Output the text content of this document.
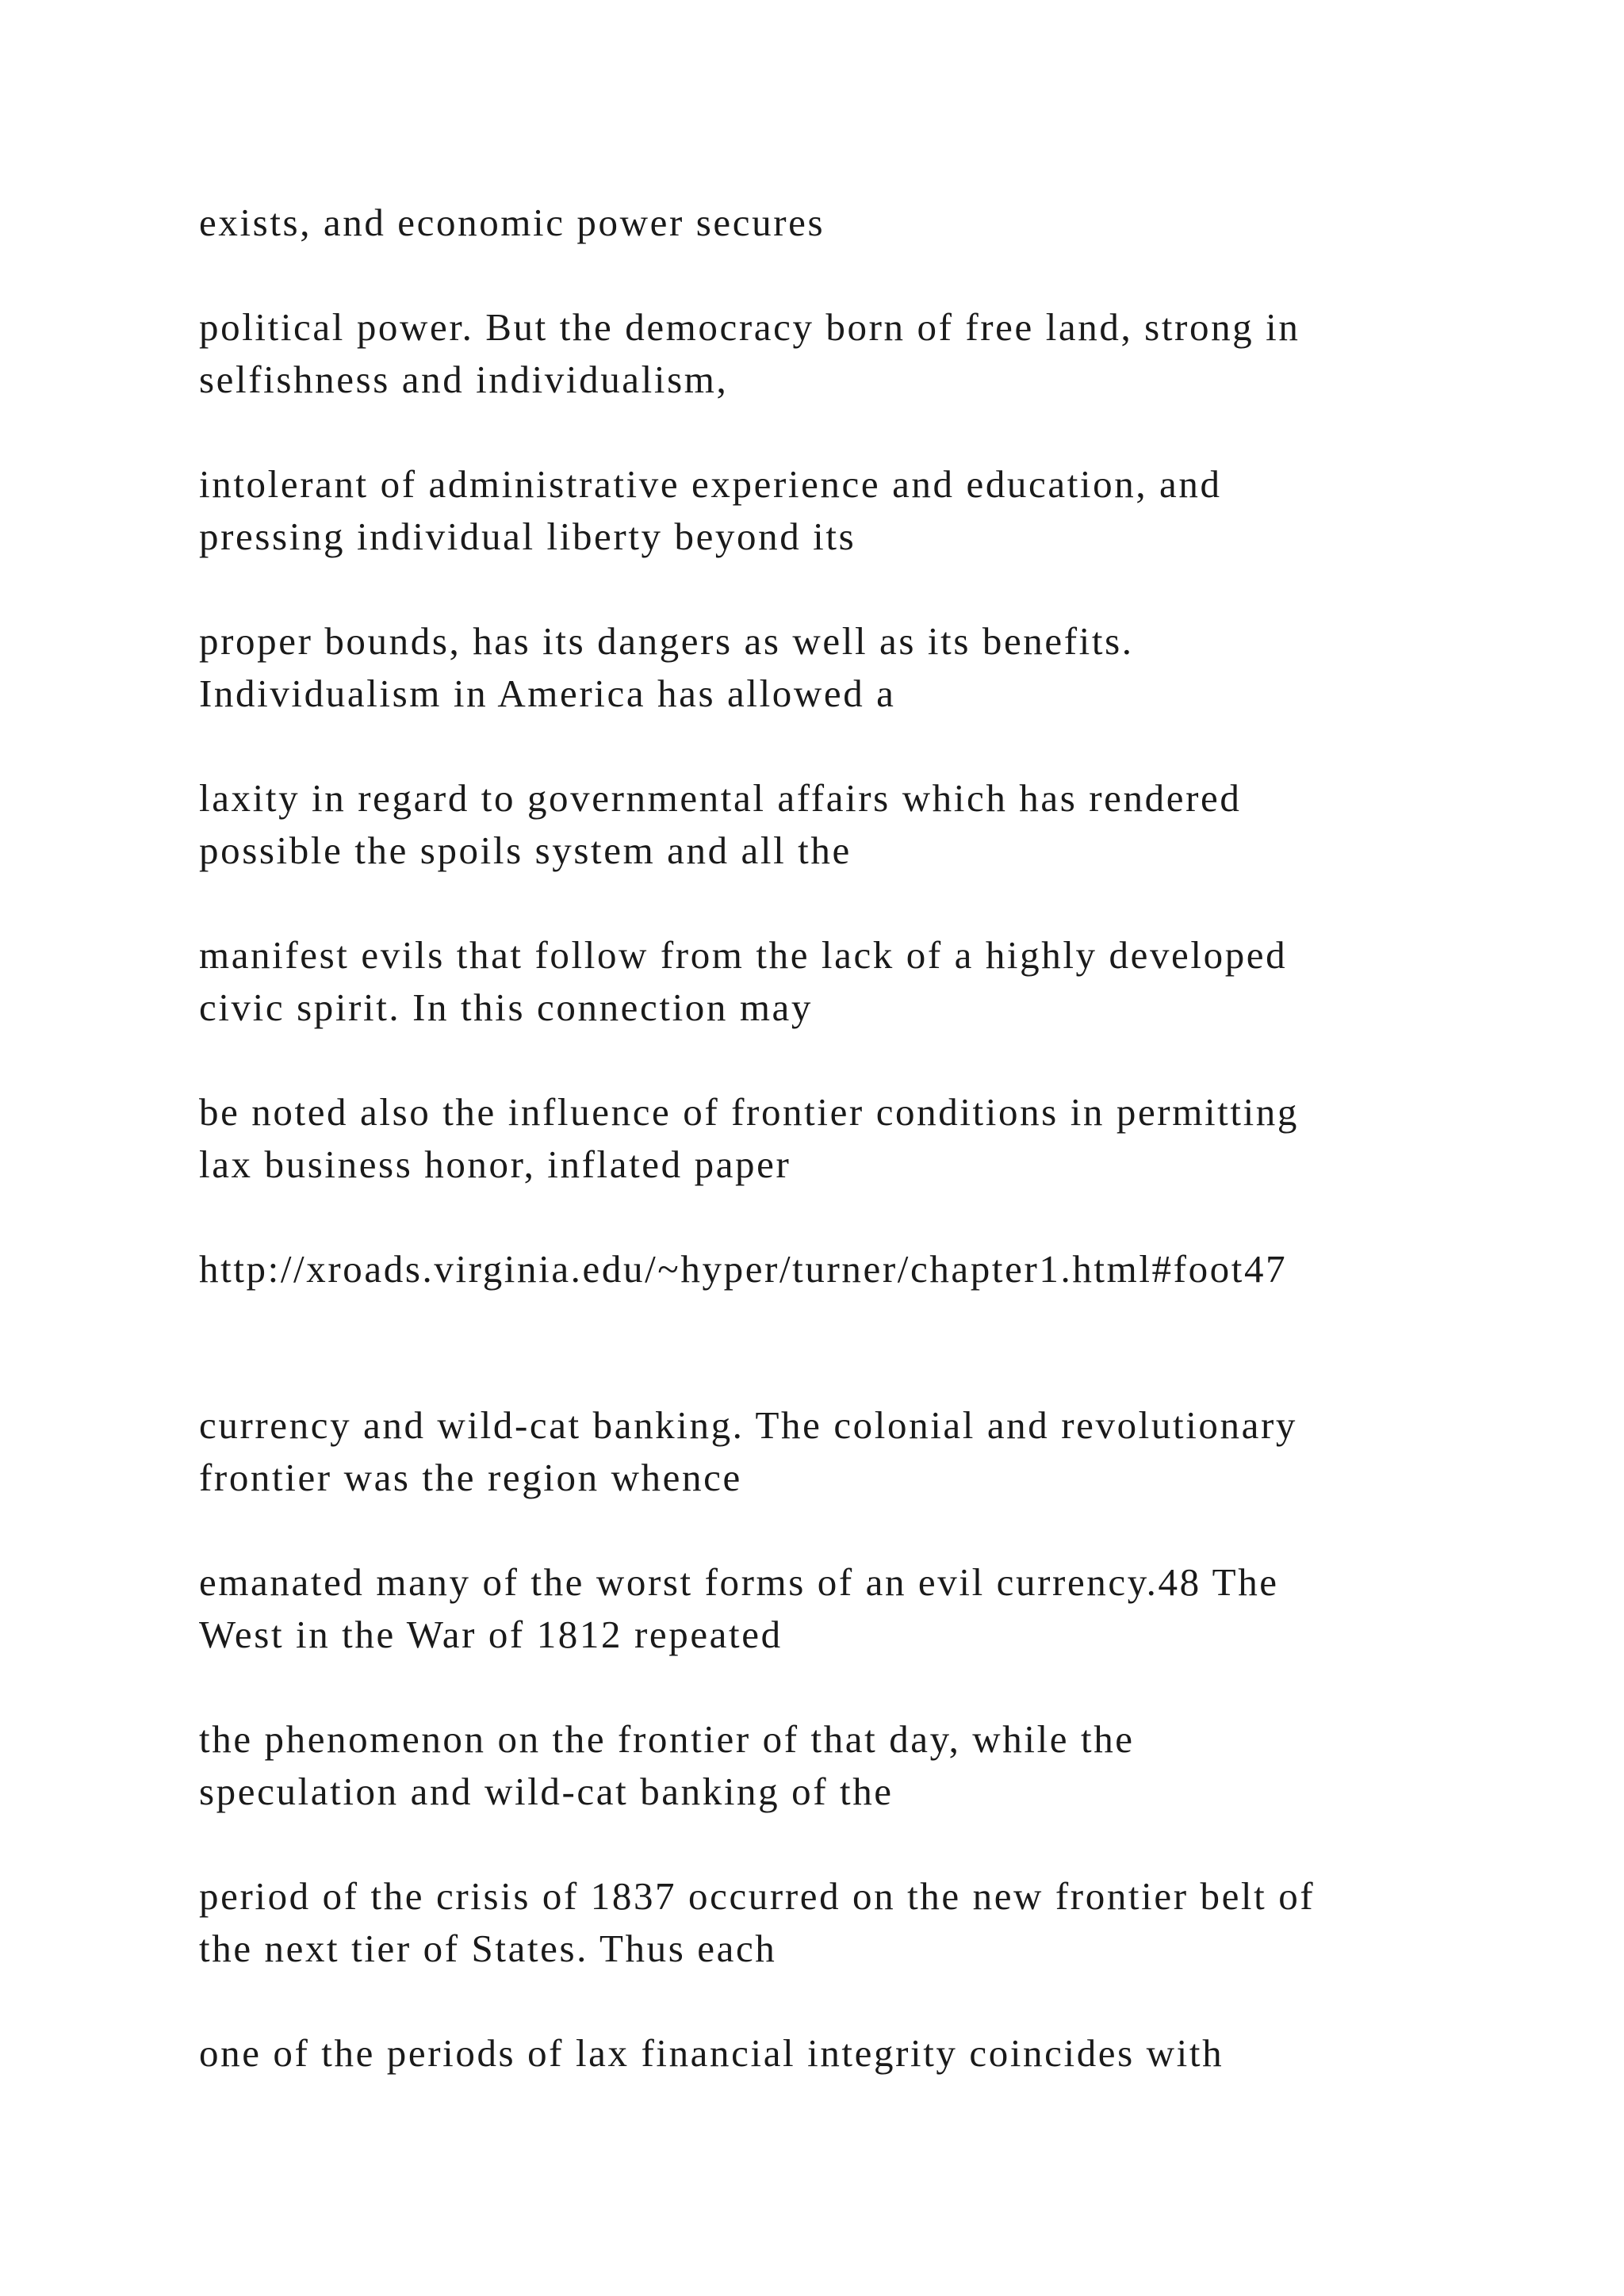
exists, and economic power secures

political power. But the democracy born of free land, strong in

selfishness and individualism,

intolerant of administrative experience and education, and

pressing individual liberty beyond its

proper bounds, has its dangers as well as its benefits.

Individualism in America has allowed a

laxity in regard to governmental affairs which has rendered

possible the spoils system and all the

manifest evils that follow from the lack of a highly developed

civic spirit. In this connection may

be noted also the influence of frontier conditions in permitting

lax business honor, inflated paper

http://xroads.virginia.edu/~hyper/turner/chapter1.html#foot47

currency and wild-cat banking. The colonial and revolutionary

frontier was the region whence

emanated many of the worst forms of an evil currency.48 The

West in the War of 1812 repeated

the phenomenon on the frontier of that day, while the

speculation and wild-cat banking of the

period of the crisis of 1837 occurred on the new frontier belt of

the next tier of States. Thus each

one of the periods of lax financial integrity coincides with
